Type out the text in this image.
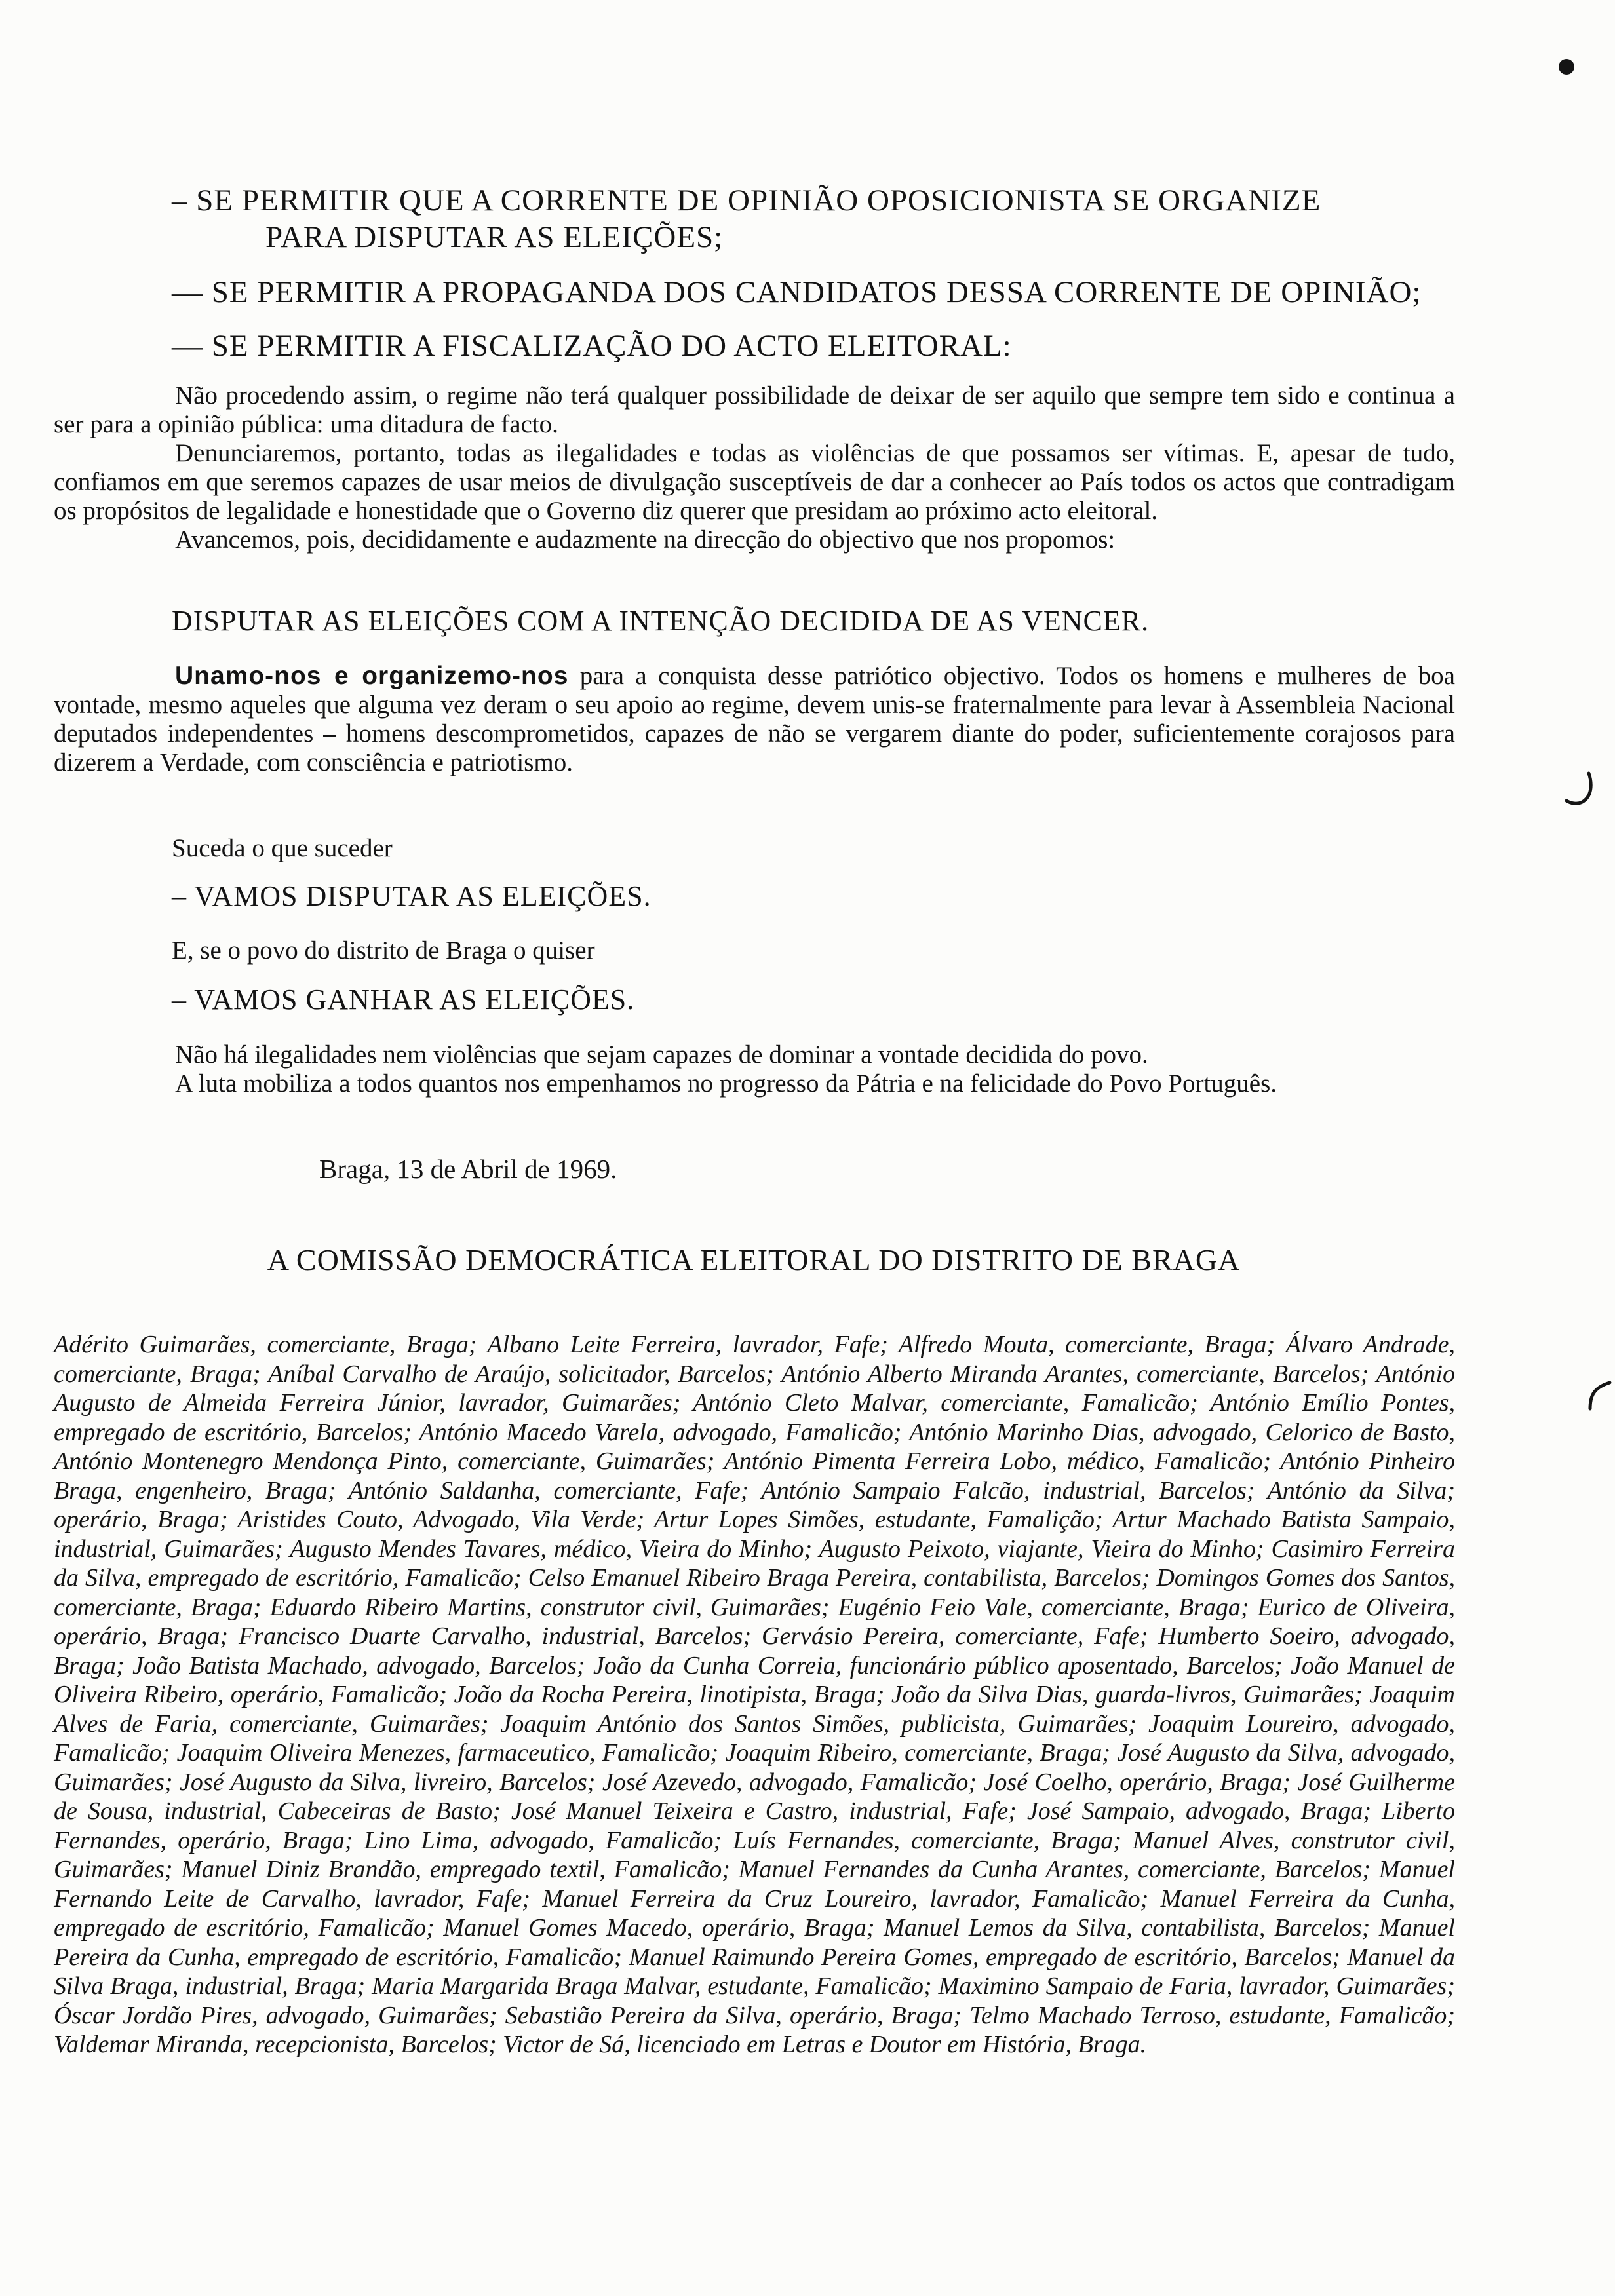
– SE PERMITIR QUE A CORRENTE DE OPINIÃO OPOSICIONISTA SE ORGANIZE
PARA DISPUTAR AS ELEIÇÕES;
— SE PERMITIR A PROPAGANDA DOS CANDIDATOS DESSA CORRENTE DE OPINIÃO;
— SE PERMITIR A FISCALIZAÇÃO DO ACTO ELEITORAL:

Não procedendo assim, o regime não terá qualquer possibilidade de deixar de ser aquilo que sempre tem sido e continua a ser para a opinião pública: uma ditadura de facto.

Denunciaremos, portanto, todas as ilegalidades e todas as violências de que possamos ser vítimas. E, apesar de tudo, confiamos em que seremos capazes de usar meios de divulgação susceptíveis de dar a conhecer ao País todos os actos que contradigam os propósitos de legalidade e honestidade que o Governo diz querer que presidam ao próximo acto eleitoral.

Avancemos, pois, decididamente e audazmente na direcção do objectivo que nos propomos:

DISPUTAR AS ELEIÇÕES COM A INTENÇÃO DECIDIDA DE AS VENCER.

Unamo-nos e organizemo-nos para a conquista desse patriótico objectivo. Todos os homens e mulheres de boa vontade, mesmo aqueles que alguma vez deram o seu apoio ao regime, devem unis-se fraternalmente para levar à Assembleia Nacional deputados independentes – homens descomprometidos, capazes de não se vergarem diante do poder, suficientemente corajosos para dizerem a Verdade, com consciência e patriotismo.

Suceda o que suceder
– VAMOS DISPUTAR AS ELEIÇÕES.
E, se o povo do distrito de Braga o quiser
– VAMOS GANHAR AS ELEIÇÕES.

Não há ilegalidades nem violências que sejam capazes de dominar a vontade decidida do povo.

A luta mobiliza a todos quantos nos empenhamos no progresso da Pátria e na felicidade do Povo Português.

Braga, 13 de Abril de 1969.
A COMISSÃO DEMOCRÁTICA ELEITORAL DO DISTRITO DE BRAGA
Adérito Guimarães, comerciante, Braga; Albano Leite Ferreira, lavrador, Fafe; Alfredo Mouta, comerciante, Braga; Álvaro Andrade, comerciante, Braga; Aníbal Carvalho de Araújo, solicitador, Barcelos; António Alberto Miranda Arantes, comerciante, Barcelos; António Augusto de Almeida Ferreira Júnior, lavrador, Guimarães; António Cleto Malvar, comerciante, Famalicão; António Emílio Pontes, empregado de escritório, Barcelos; António Macedo Varela, advogado, Famalicão; António Marinho Dias, advogado, Celorico de Basto, António Montenegro Mendonça Pinto, comerciante, Guimarães; António Pimenta Ferreira Lobo, médico, Famalicão; António Pinheiro Braga, engenheiro, Braga; António Saldanha, comerciante, Fafe; António Sampaio Falcão, industrial, Barcelos; António da Silva; operário, Braga; Aristides Couto, Advogado, Vila Verde; Artur Lopes Simões, estudante, Famalição; Artur Machado Batista Sampaio, industrial, Guimarães; Augusto Mendes Tavares, médico, Vieira do Minho; Augusto Peixoto, viajante, Vieira do Minho; Casimiro Ferreira da Silva, empregado de escritório, Famalicão; Celso Emanuel Ribeiro Braga Pereira, contabilista, Barcelos; Domingos Gomes dos Santos, comerciante, Braga; Eduardo Ribeiro Martins, construtor civil, Guimarães; Eugénio Feio Vale, comerciante, Braga; Eurico de Oliveira, operário, Braga; Francisco Duarte Carvalho, industrial, Barcelos; Gervásio Pereira, comerciante, Fafe; Humberto Soeiro, advogado, Braga; João Batista Machado, advogado, Barcelos; João da Cunha Correia, funcionário público aposentado, Barcelos; João Manuel de Oliveira Ribeiro, operário, Famalicão; João da Rocha Pereira, linotipista, Braga; João da Silva Dias, guarda-livros, Guimarães; Joaquim Alves de Faria, comerciante, Guimarães; Joaquim António dos Santos Simões, publicista, Guimarães; Joaquim Loureiro, advogado, Famalicão; Joaquim Oliveira Menezes, farmaceutico, Famalicão; Joaquim Ribeiro, comerciante, Braga; José Augusto da Silva, advogado, Guimarães; José Augusto da Silva, livreiro, Barcelos; José Azevedo, advogado, Famalicão; José Coelho, operário, Braga; José Guilherme de Sousa, industrial, Cabeceiras de Basto; José Manuel Teixeira e Castro, industrial, Fafe; José Sampaio, advogado, Braga; Liberto Fernandes, operário, Braga; Lino Lima, advogado, Famalicão; Luís Fernandes, comerciante, Braga; Manuel Alves, construtor civil, Guimarães; Manuel Diniz Brandão, empregado textil, Famalicão; Manuel Fernandes da Cunha Arantes, comerciante, Barcelos; Manuel Fernando Leite de Carvalho, lavrador, Fafe; Manuel Ferreira da Cruz Loureiro, lavrador, Famalicão; Manuel Ferreira da Cunha, empregado de escritório, Famalicão; Manuel Gomes Macedo, operário, Braga; Manuel Lemos da Silva, contabilista, Barcelos; Manuel Pereira da Cunha, empregado de escritório, Famalicão; Manuel Raimundo Pereira Gomes, empregado de escritório, Barcelos; Manuel da Silva Braga, industrial, Braga; Maria Margarida Braga Malvar, estudante, Famalicão; Maximino Sampaio de Faria, lavrador, Guimarães; Óscar Jordão Pires, advogado, Guimarães; Sebastião Pereira da Silva, operário, Braga; Telmo Machado Terroso, estudante, Famalicão; Valdemar Miranda, recepcionista, Barcelos; Victor de Sá, licenciado em Letras e Doutor em História, Braga.
